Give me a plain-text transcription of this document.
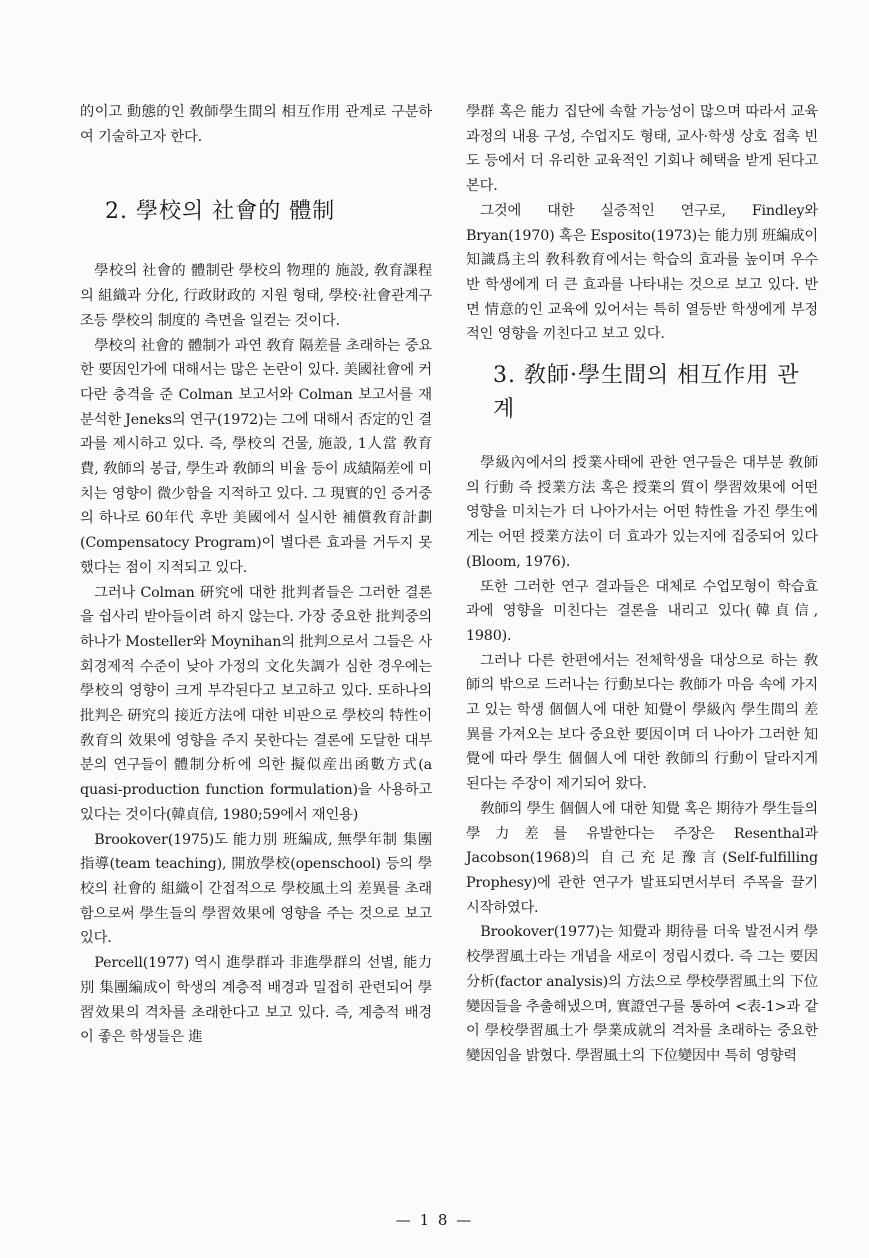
的이고 動態的인 敎師學生間의 相互作用 관계로 구분하여 기술하고자 한다.

2. 學校의 社會的 體制

學校의 社會的 體制란 學校의 物理的 施設, 敎育課程의 組織과 分化, 行政財政的 지원 형태, 學校·社會관계구조등 學校의 制度的 측면을 일컫는 것이다.

學校의 社會的 體制가 과연 敎育 隔差를 초래하는 중요한 要因인가에 대해서는 많은 논란이 있다. 美國社會에 커다란 충격을 준 Colman 보고서와 Colman 보고서를 재분석한 Jeneks의 연구(1972)는 그에 대해서 否定的인 결과를 제시하고 있다. 즉, 學校의 건물, 施設, 1人當 敎育費, 敎師의 봉급, 學生과 敎師의 비율 등이 成績隔差에 미치는 영향이 微少함을 지적하고 있다. 그 現實的인 증거중의 하나로 60年代 후반 美國에서 실시한 補償敎育計劃(Compensatocy Program)이 별다른 효과를 거두지 못했다는 점이 지적되고 있다.

그러나 Colman 硏究에 대한 批判者들은 그러한 결론을 쉽사리 받아들이려 하지 않는다. 가장 중요한 批判중의 하나가 Mosteller와 Moynihan의 批判으로서 그들은 사회경제적 수준이 낮아 가정의 文化失調가 심한 경우에는 學校의 영향이 크게 부각된다고 보고하고 있다. 또하나의 批判은 硏究의 接近方法에 대한 비판으로 學校의 特性이 敎育의 效果에 영향을 주지 못한다는 결론에 도달한 대부분의 연구들이 體制分析에 의한 擬似産出函數方式(a quasi-production function formulation)을 사용하고 있다는 것이다(韓貞信, 1980;59에서 재인용)

Brookover(1975)도 能力別 班編成, 無學年制 集團指導(team teaching), 開放學校(openschool) 등의 學校의 社會的 組織이 간접적으로 學校風土의 差異를 초래함으로써 學生들의 學習效果에 영향을 주는 것으로 보고 있다.

Percell(1977) 역시 進學群과 非進學群의 선별, 能力別 集團編成이 학생의 계층적 배경과 밀접히 관련되어 學習效果의 격차를 초래한다고 보고 있다. 즉, 계층적 배경이 좋은 학생들은 進

學群 혹은 能力 집단에 속할 가능성이 많으며 따라서 교육과정의 내용 구성, 수업지도 형태, 교사·학생 상호 접촉 빈도 등에서 더 유리한 교육적인 기회나 혜택을 받게 된다고 본다.

그것에 대한 실증적인 연구로, Findley와 Bryan(1970) 혹은 Esposito(1973)는 能力別 班編成이 知識爲主의 敎科敎育에서는 학습의 효과를 높이며 우수반 학생에게 더 큰 효과를 나타내는 것으로 보고 있다. 반면 情意的인 교육에 있어서는 특히 열등반 학생에게 부정적인 영향을 끼친다고 보고 있다.

3. 敎師·學生間의 相互作用 관계

學級內에서의 授業사태에 관한 연구들은 대부분 敎師의 行動 즉 授業方法 혹은 授業의 質이 學習效果에 어떤 영향을 미치는가 더 나아가서는 어떤 特性을 가진 學生에게는 어떤 授業方法이 더 효과가 있는지에 집중되어 있다(Bloom, 1976).

또한 그러한 연구 결과들은 대체로 수업모형이 학습효과에 영향을 미친다는 결론을 내리고 있다(韓貞信, 1980).

그러나 다른 한편에서는 전체학생을 대상으로 하는 敎師의 밖으로 드러나는 行動보다는 敎師가 마음 속에 가지고 있는 학생 個個人에 대한 知覺이 學級內 學生間의 差異를 가져오는 보다 중요한 要因이며 더 나아가 그러한 知覺에 따라 學生 個個人에 대한 敎師의 行動이 달라지게 된다는 주장이 제기되어 왔다.

敎師의 學生 個個人에 대한 知覺 혹은 期待가 學生들의 學力差를 유발한다는 주장은 Resenthal과 Jacobson(1968)의 自己充足豫言(Self-fulfilling Prophesy)에 관한 연구가 발표되면서부터 주목을 끌기 시작하였다.

Brookover(1977)는 知覺과 期待를 더욱 발전시켜 學校學習風土라는 개념을 새로이 정립시켰다. 즉 그는 要因分析(factor analysis)의 方法으로 學校學習風土의 下位變因들을 추출해냈으며, 實證연구를 통하여 <表-1>과 같이 學校學習風土가 學業成就의 격차를 초래하는 중요한 變因임을 밝혔다. 學習風土의 下位變因中 특히 영향력

— 1 8 —
